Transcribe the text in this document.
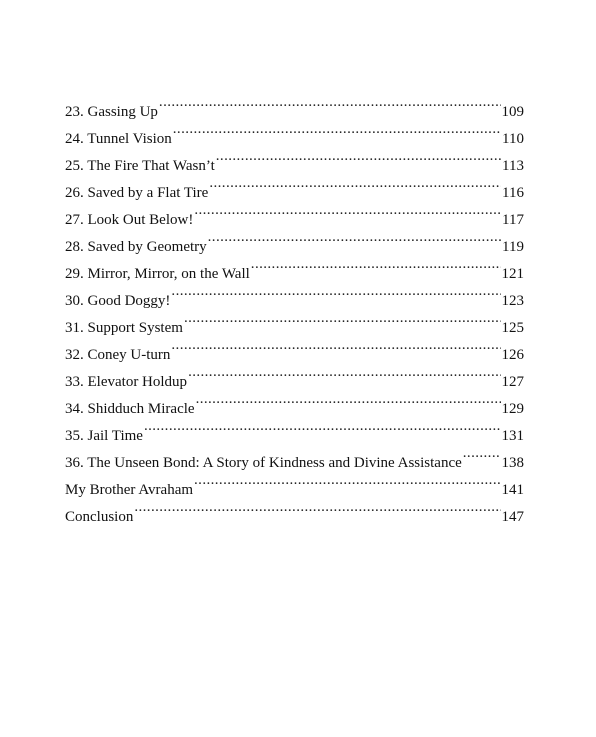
23. Gassing Up .....	109
24. Tunnel Vision .....	110
25. The Fire That Wasn’t .....	113
26. Saved by a Flat Tire .....	116
27. Look Out Below! .....	117
28. Saved by Geometry .....	119
29. Mirror, Mirror, on the Wall .....	121
30. Good Doggy! .....	123
31. Support System .....	125
32. Coney U-turn .....	126
33. Elevator Holdup .....	127
34. Shidduch Miracle .....	129
35. Jail Time .....	131
36. The Unseen Bond: A Story of Kindness and Divine Assistance .....	138
My Brother Avraham .....	141
Conclusion .....	147
